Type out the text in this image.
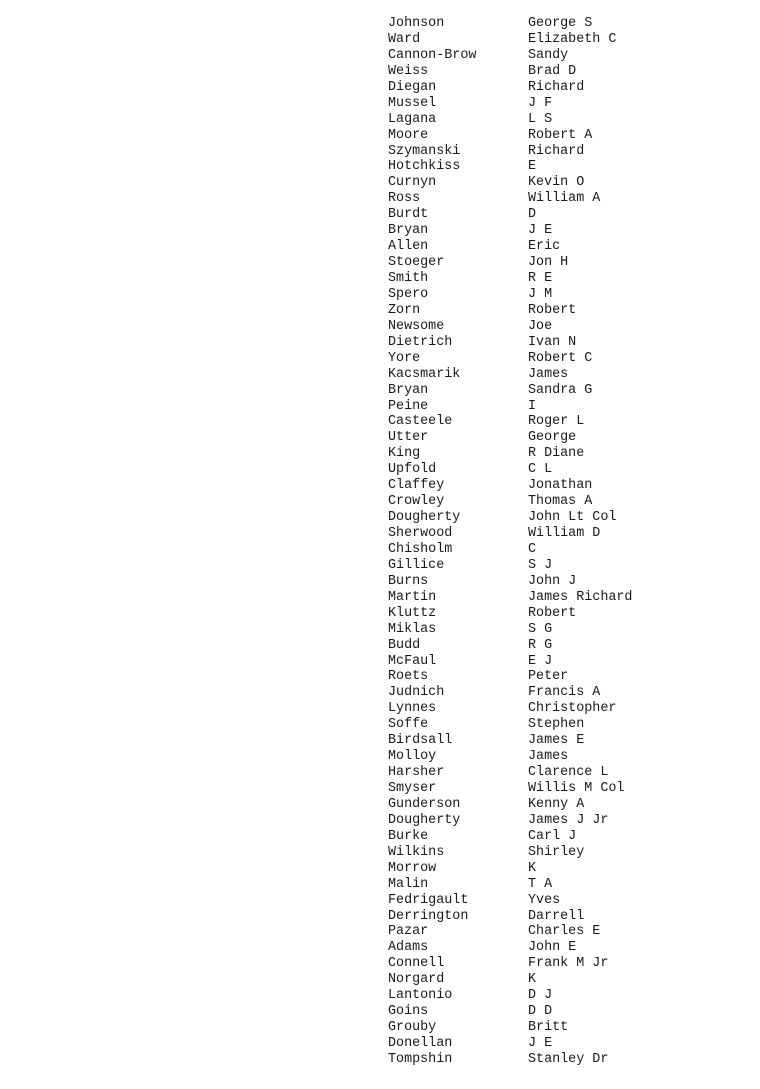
Johnson	George S
Ward	Elizabeth C
Cannon-Brow	Sandy
Weiss	Brad D
Diegan	Richard
Mussel	J F
Lagana	L S
Moore	Robert A
Szymanski	Richard
Hotchkiss	E
Curnyn	Kevin O
Ross	William A
Burdt	D
Bryan	J E
Allen	Eric
Stoeger	Jon H
Smith	R E
Spero	J M
Zorn	Robert
Newsome	Joe
Dietrich	Ivan N
Yore	Robert C
Kacsmarik	James
Bryan	Sandra G
Peine	I
Casteele	Roger L
Utter	George
King	R Diane
Upfold	C L
Claffey	Jonathan
Crowley	Thomas A
Dougherty	John Lt Col
Sherwood	William D
Chisholm	C
Gillice	S J
Burns	John J
Martin	James Richard
Kluttz	Robert
Miklas	S G
Budd	R G
McFaul	E J
Roets	Peter
Judnich	Francis A
Lynnes	Christopher
Soffe	Stephen
Birdsall	James E
Molloy	James
Harsher	Clarence L
Smyser	Willis M Col
Gunderson	Kenny A
Dougherty	James J Jr
Burke	Carl J
Wilkins	Shirley
Morrow	K
Malin	T A
Fedrigault	Yves
Derrington	Darrell
Pazar	Charles E
Adams	John E
Connell	Frank M Jr
Norgard	K
Lantonio	D J
Goins	D D
Grouby	Britt
Donellan	J E
Tompshin	Stanley Dr
